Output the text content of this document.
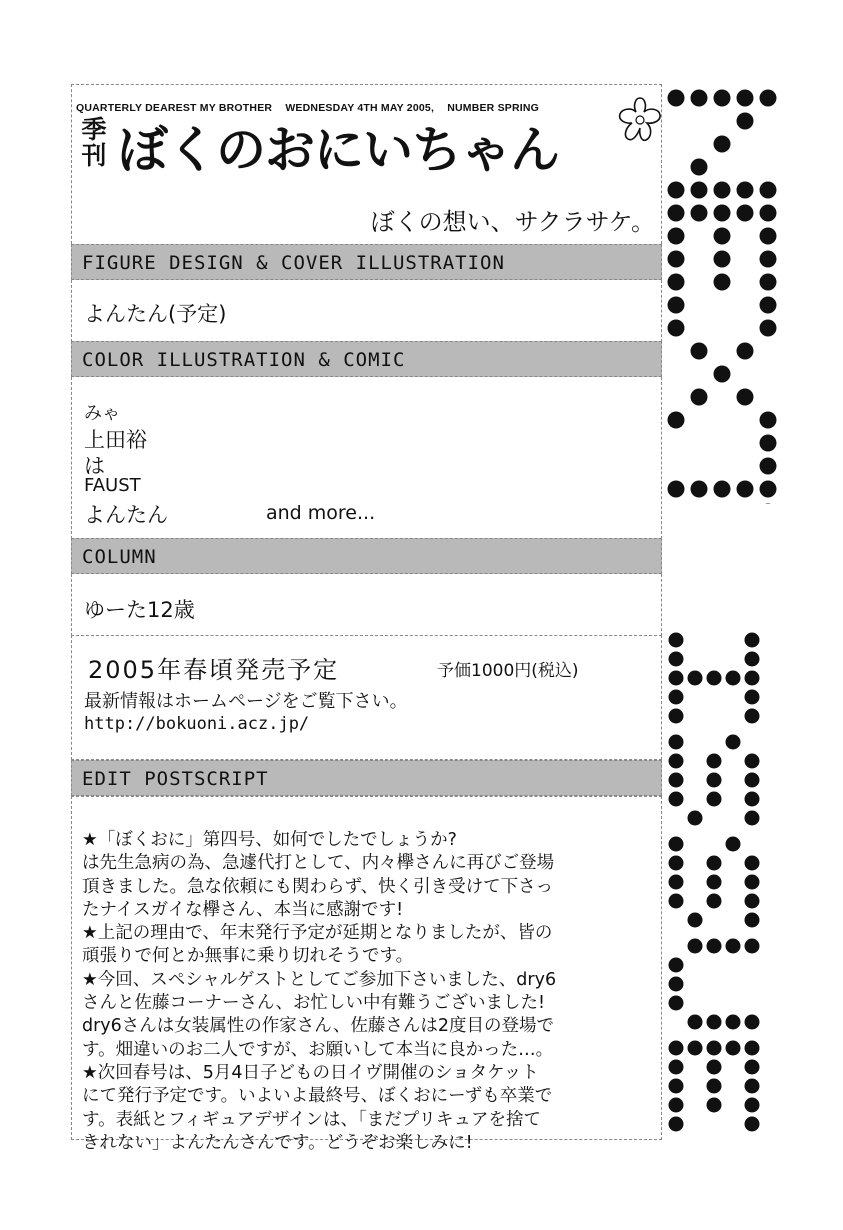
QUARTERLY DEAREST MY BROTHER WEDNESDAY 4TH MAY 2005, NUMBER SPRING
季刊 ぼくのおにいちゃん
ぼくの想い、サクラサケ。
FIGURE DESIGN & COVER ILLUSTRATION
よんたん(予定)
COLOR ILLUSTRATION & COMIC
みゃ
上田裕
は
FAUST
よんたん	and more...
COLUMN
ゆーた12歳
2005年春頃発売予定	予価1000円(税込)
最新情報はホームページをご覧下さい。
http://bokuoni.acz.jp/
EDIT POSTSCRIPT

★「ぼくおに」第四号、如何でしたでしょうか?

は先生急病の為、急遽代打として、内々欅さんに再びご登場

頂きました。急な依頼にも関わらず、快く引き受けて下さっ

たナイスガイな欅さん、本当に感謝です!

★上記の理由で、年末発行予定が延期となりましたが、皆の

頑張りで何とか無事に乗り切れそうです。

★今回、スペシャルゲストとしてご参加下さいました、dry6

さんと佐藤コーナーさん、お忙しい中有難うございました!

dry6さんは女装属性の作家さん、佐藤さんは2度目の登場で

す。畑違いのお二人ですが、お願いして本当に良かった…。

★次回春号は、5月4日子どもの日イヴ開催のショタケット

にて発行予定です。いよいよ最終号、ぼくおにーずも卒業で

す。表紙とフィギュアデザインは、「まだプリキュアを捨て

きれない」よんたんさんです。どうぞお楽しみに!
